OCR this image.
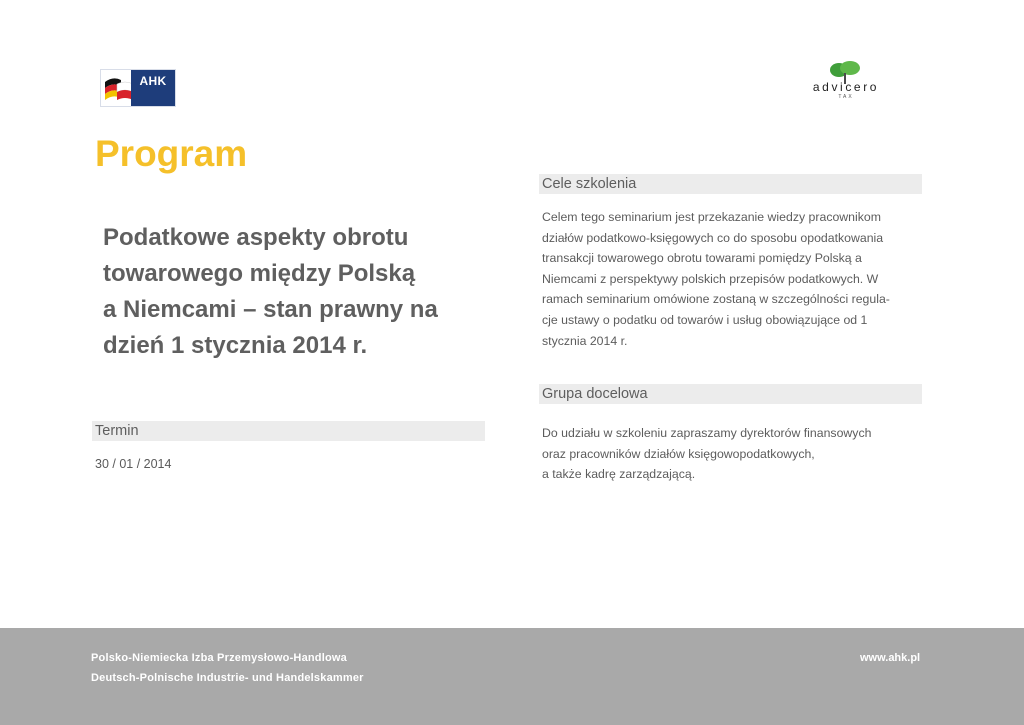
AHK	advicero
TAX
Program
Podatkowe aspekty obrotu
towarowego między Polską
a Niemcami – stan prawny na
dzień 1 stycznia 2014 r.
Termin
30 / 01 / 2014
Cele szkolenia
Celem tego seminarium jest przekazanie wiedzy pracownikom
działów podatkowo-księgowych co do sposobu opodatkowania
transakcji towarowego obrotu towarami pomiędzy Polską a
Niemcami z perspektywy polskich przepisów podatkowych. W
ramach seminarium omówione zostaną w szczególności regula-
cje ustawy o podatku od towarów i usług obowiązujące od 1
stycznia 2014 r.
Grupa docelowa
Do udziału w szkoleniu zapraszamy dyrektorów finansowych
oraz pracowników działów księgowopodatkowych,
a także kadrę zarządzającą.
Polsko-Niemiecka Izba Przemysłowo-Handlowa
Deutsch-Polnische Industrie- und Handelskammer
www.ahk.pl
